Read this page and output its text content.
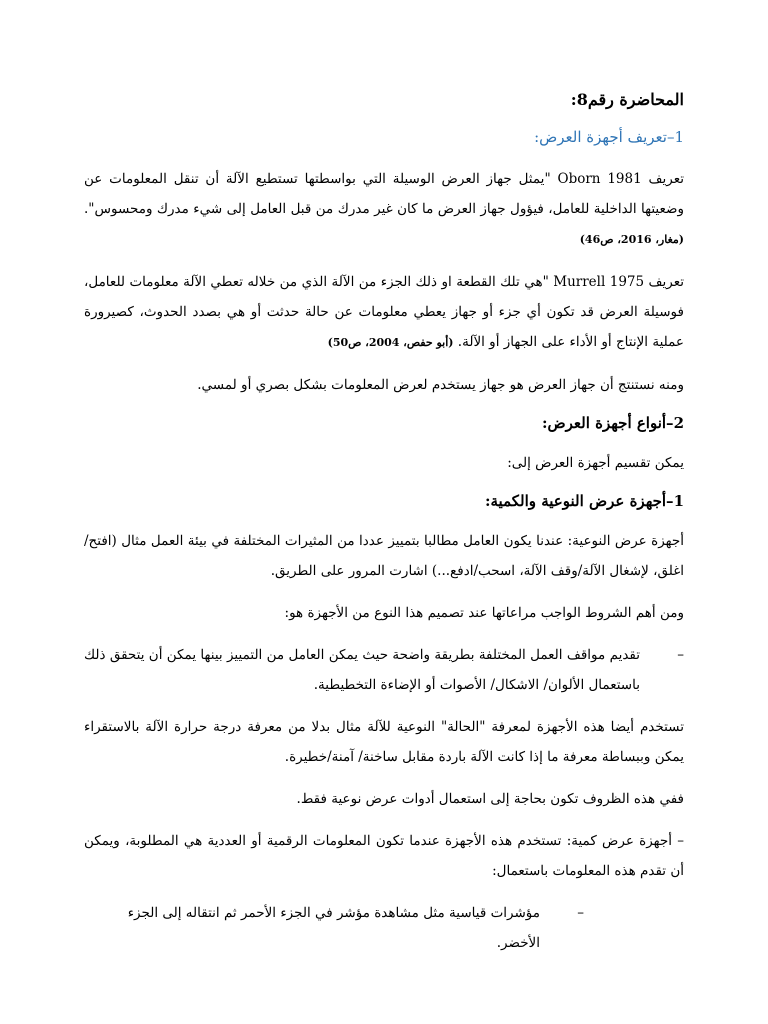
المحاضرة رقم8:
1–تعريف أجهزة العرض:

تعريف Oborn 1981 "يمثل جهاز العرض الوسيلة التي بواسطتها تستطيع الآلة أن تنقل المعلومات عن وضعيتها الداخلية للعامل، فيؤول جهاز العرض ما كان غير مدرك من قبل العامل إلى شيء مدرك ومحسوس". (مغار، 2016، ص46)

تعريف Murrell 1975 "هي تلك القطعة او ذلك الجزء من الآلة الذي من خلاله تعطي الآلة معلومات للعامل، فوسيلة العرض قد تكون أي جزء أو جهاز يعطي معلومات عن حالة حدثت أو هي بصدد الحدوث، كصيرورة عملية الإنتاج أو الأداء على الجهاز أو الآلة. (أبو حفص، 2004، ص50)

ومنه نستنتج أن جهاز العرض هو جهاز يستخدم لعرض المعلومات بشكل بصري أو لمسي.

2–أنواع أجهزة العرض:

يمكن تقسيم أجهزة العرض إلى:

1–أجهزة عرض النوعية والكمية:

أجهزة عرض النوعية: عندنا يكون العامل مطالبا بتمييز عددا من المثيرات المختلفة في بيئة العمل مثال (افتح/اغلق، لإشغال الآلة/وقف الآلة، اسحب/ادفع...) اشارت المرور على الطريق.

ومن أهم الشروط الواجب مراعاتها عند تصميم هذا النوع من الأجهزة هو:

–

تقديم مواقف العمل المختلفة بطريقة واضحة حيث يمكن العامل من التمييز بينها يمكن أن يتحقق ذلك باستعمال الألوان/ الاشكال/ الأصوات أو الإضاءة التخطيطية.

تستخدم أيضا هذه الأجهزة لمعرفة "الحالة" النوعية للآلة مثال بدلا من معرفة درجة حرارة الآلة بالاستقراء يمكن وببساطة معرفة ما إذا كانت الآلة باردة مقابل ساخنة/ آمنة/خطيرة.

ففي هذه الظروف تكون بحاجة إلى استعمال أدوات عرض نوعية فقط.

– أجهزة عرض كمية: تستخدم هذه الأجهزة عندما تكون المعلومات الرقمية أو العددية هي المطلوبة، ويمكن أن تقدم هذه المعلومات باستعمال:

–

مؤشرات قياسية مثل مشاهدة مؤشر في الجزء الأحمر ثم انتقاله إلى الجزء الأخضر.
